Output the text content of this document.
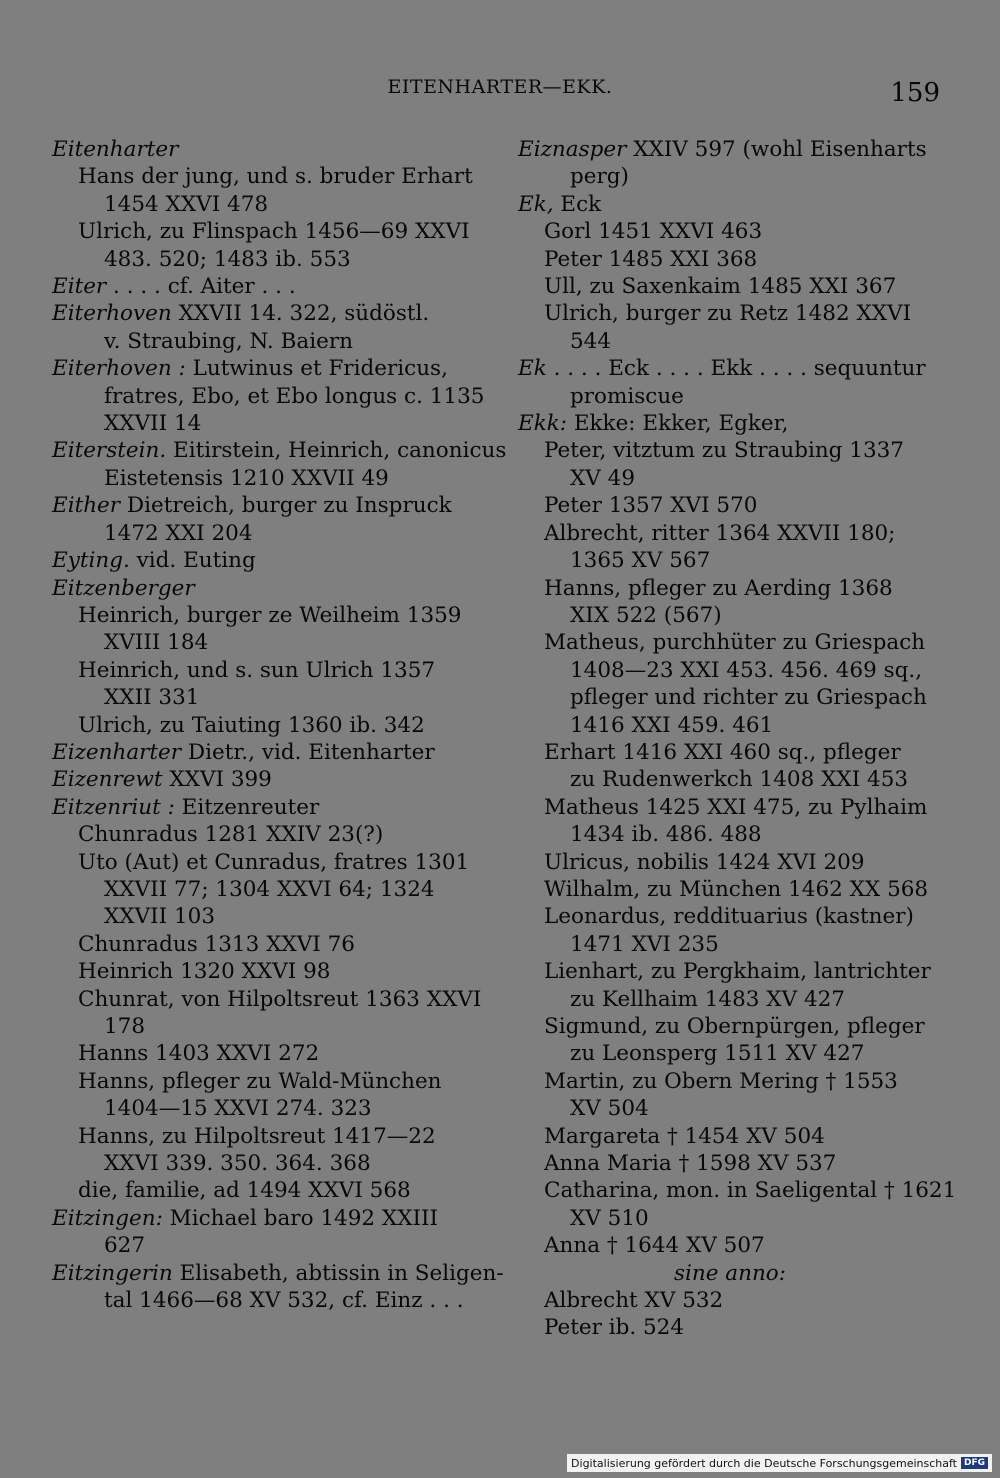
EITENHARTER—EKK.	159
Eitenharter
Hans der jung, und s. bruder Erhart
1454 XXVI 478
Ulrich, zu Flinspach 1456—69 XXVI
483. 520; 1483 ib. 553
Eiter . . . . cf. Aiter . . .
Eiterhoven XXVII 14. 322, südöstl.
v. Straubing, N. Baiern
Eiterhoven : Lutwinus et Fridericus,
fratres, Ebo, et Ebo longus c. 1135
XXVII 14
Eiterstein. Eitirstein, Heinrich, canonicus
Eistetensis 1210 XXVII 49
Either Dietreich, burger zu Inspruck
1472 XXI 204
Eyting. vid. Euting
Eitzenberger
Heinrich, burger ze Weilheim 1359
XVIII 184
Heinrich, und s. sun Ulrich 1357
XXII 331
Ulrich, zu Taiuting 1360 ib. 342
Eizenharter Dietr., vid. Eitenharter
Eizenrewt XXVI 399
Eitzenriut : Eitzenreuter
Chunradus 1281 XXIV 23(?)
Uto (Aut) et Cunradus, fratres 1301
XXVII 77; 1304 XXVI 64; 1324
XXVII 103
Chunradus 1313 XXVI 76
Heinrich 1320 XXVI 98
Chunrat, von Hilpoltsreut 1363 XXVI
178
Hanns 1403 XXVI 272
Hanns, pfleger zu Wald-München
1404—15 XXVI 274. 323
Hanns, zu Hilpoltsreut 1417—22
XXVI 339. 350. 364. 368
die, familie, ad 1494 XXVI 568
Eitzingen: Michael baro 1492 XXIII
627
Eitzingerin Elisabeth, abtissin in Seligen-
tal 1466—68 XV 532, cf. Einz . . .
Eiznasper XXIV 597 (wohl Eisenharts
perg)
Ek, Eck
Gorl 1451 XXVI 463
Peter 1485 XXI 368
Ull, zu Saxenkaim 1485 XXI 367
Ulrich, burger zu Retz 1482 XXVI
544
Ek . . . . Eck . . . . Ekk . . . . sequuntur
promiscue
Ekk: Ekke: Ekker, Egker,
Peter, vitztum zu Straubing 1337
XV 49
Peter 1357 XVI 570
Albrecht, ritter 1364 XXVII 180;
1365 XV 567
Hanns, pfleger zu Aerding 1368
XIX 522 (567)
Matheus, purchhüter zu Griespach
1408—23 XXI 453. 456. 469 sq.,
pfleger und richter zu Griespach
1416 XXI 459. 461
Erhart 1416 XXI 460 sq., pfleger
zu Rudenwerkch 1408 XXI 453
Matheus 1425 XXI 475, zu Pylhaim
1434 ib. 486. 488
Ulricus, nobilis 1424 XVI 209
Wilhalm, zu München 1462 XX 568
Leonardus, reddituarius (kastner)
1471 XVI 235
Lienhart, zu Pergkhaim, lantrichter
zu Kellhaim 1483 XV 427
Sigmund, zu Obernpürgen, pfleger
zu Leonsperg 1511 XV 427
Martin, zu Obern Mering † 1553
XV 504
Margareta † 1454 XV 504
Anna Maria † 1598 XV 537
Catharina, mon. in Saeligental † 1621
XV 510
Anna † 1644 XV 507
sine anno:
Albrecht XV 532
Peter ib. 524
Digitalisierung gefördert durch die Deutsche Forschungsgemeinschaft DFG
